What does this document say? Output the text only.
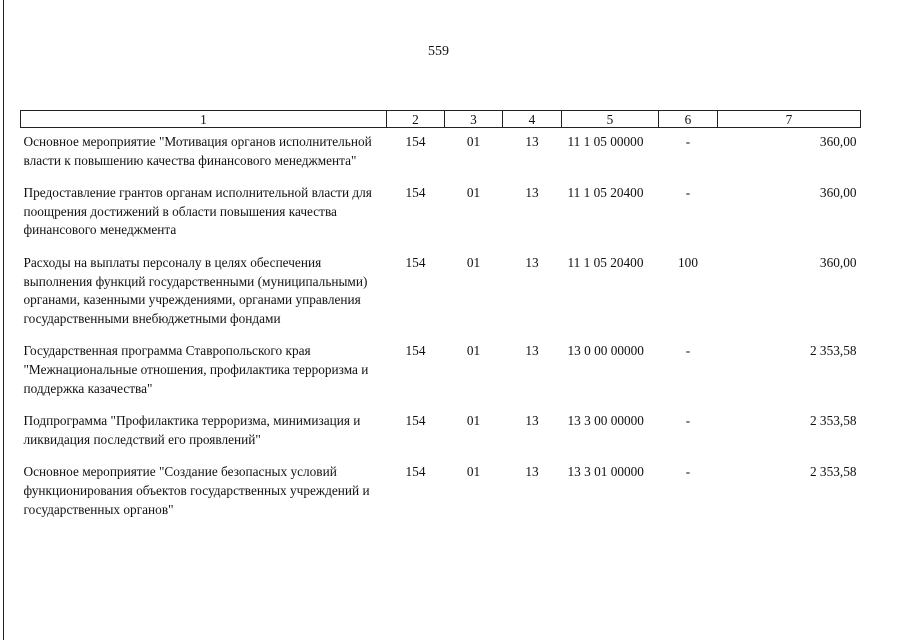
559
1	2	3	4	5	6	7
Основное мероприятие "Мотивация органов исполнительной власти к повышению качества финансового менеджмента"	154	01	13	11 1 05 00000	-	360,00
Предоставление грантов органам исполнительной власти для поощрения достижений в области повышения качества финансового менеджмента	154	01	13	11 1 05 20400	-	360,00
Расходы на выплаты персоналу в целях обеспечения выполнения функций государственными (муниципальными) органами, казенными учреждениями, органами управления государственными внебюджетными фондами	154	01	13	11 1 05 20400	100	360,00
Государственная программа Ставропольского края "Межнациональные отношения, профилактика терроризма и поддержка казачества"	154	01	13	13 0 00 00000	-	2 353,58
Подпрограмма "Профилактика терроризма, минимизация и ликвидация последствий его проявлений"	154	01	13	13 3 00 00000	-	2 353,58
Основное мероприятие "Создание безопасных условий функционирования объектов государственных учреждений и государственных органов"	154	01	13	13 3 01 00000	-	2 353,58
